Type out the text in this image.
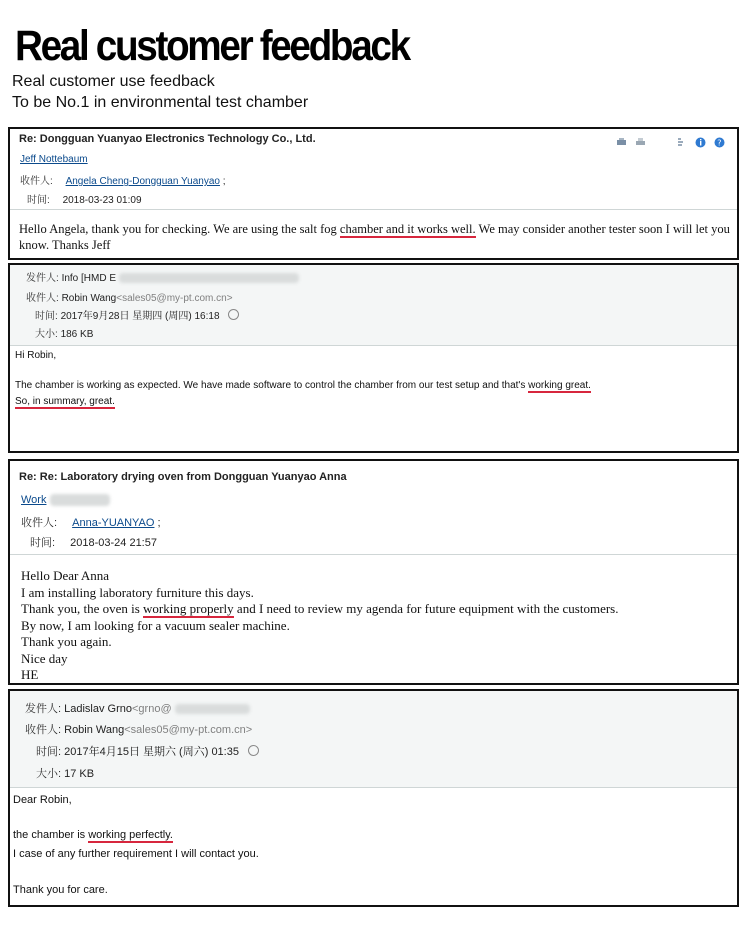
Real customer feedback
Real customer use feedback
To be No.1 in environmental test chamber
Re: Dongguan Yuanyao Electronics Technology Co., Ltd.	?
Jeff Nottebaum
收件人: Angela Cheng-Dongguan Yuanyao ;
时间: 2018-03-23 01:09
Hello Angela, thank you for checking. We are using the salt fog chamber and it works well. We may consider another tester soon I will let you
know. Thanks Jeff
发件人: Info [HMD E
收件人: Robin Wang<sales05@my-pt.com.cn>
时间: 2017年9月28日 星期四 (周四) 16:18
大小: 186 KB
Hi Robin,
The chamber is working as expected. We have made software to control the chamber from our test setup and that's working great.
So, in summary, great.
Re: Re: Laboratory drying oven from Dongguan Yuanyao Anna
Work
收件人: Anna-YUANYAO ;
时间: 2018-03-24 21:57
Hello Dear Anna
I am installing laboratory furniture this days.
Thank you, the oven is working properly and I need to review my agenda for future equipment with the customers.
By now, I am looking for a vacuum sealer machine.
Thank you again.
Nice day
HE
发件人: Ladislav Grno<grno@
收件人: Robin Wang<sales05@my-pt.com.cn>
时间: 2017年4月15日 星期六 (周六) 01:35
大小: 17 KB
Dear Robin,
the chamber is working perfectly.
I case of any further requirement I will contact you.
Thank you for care.
